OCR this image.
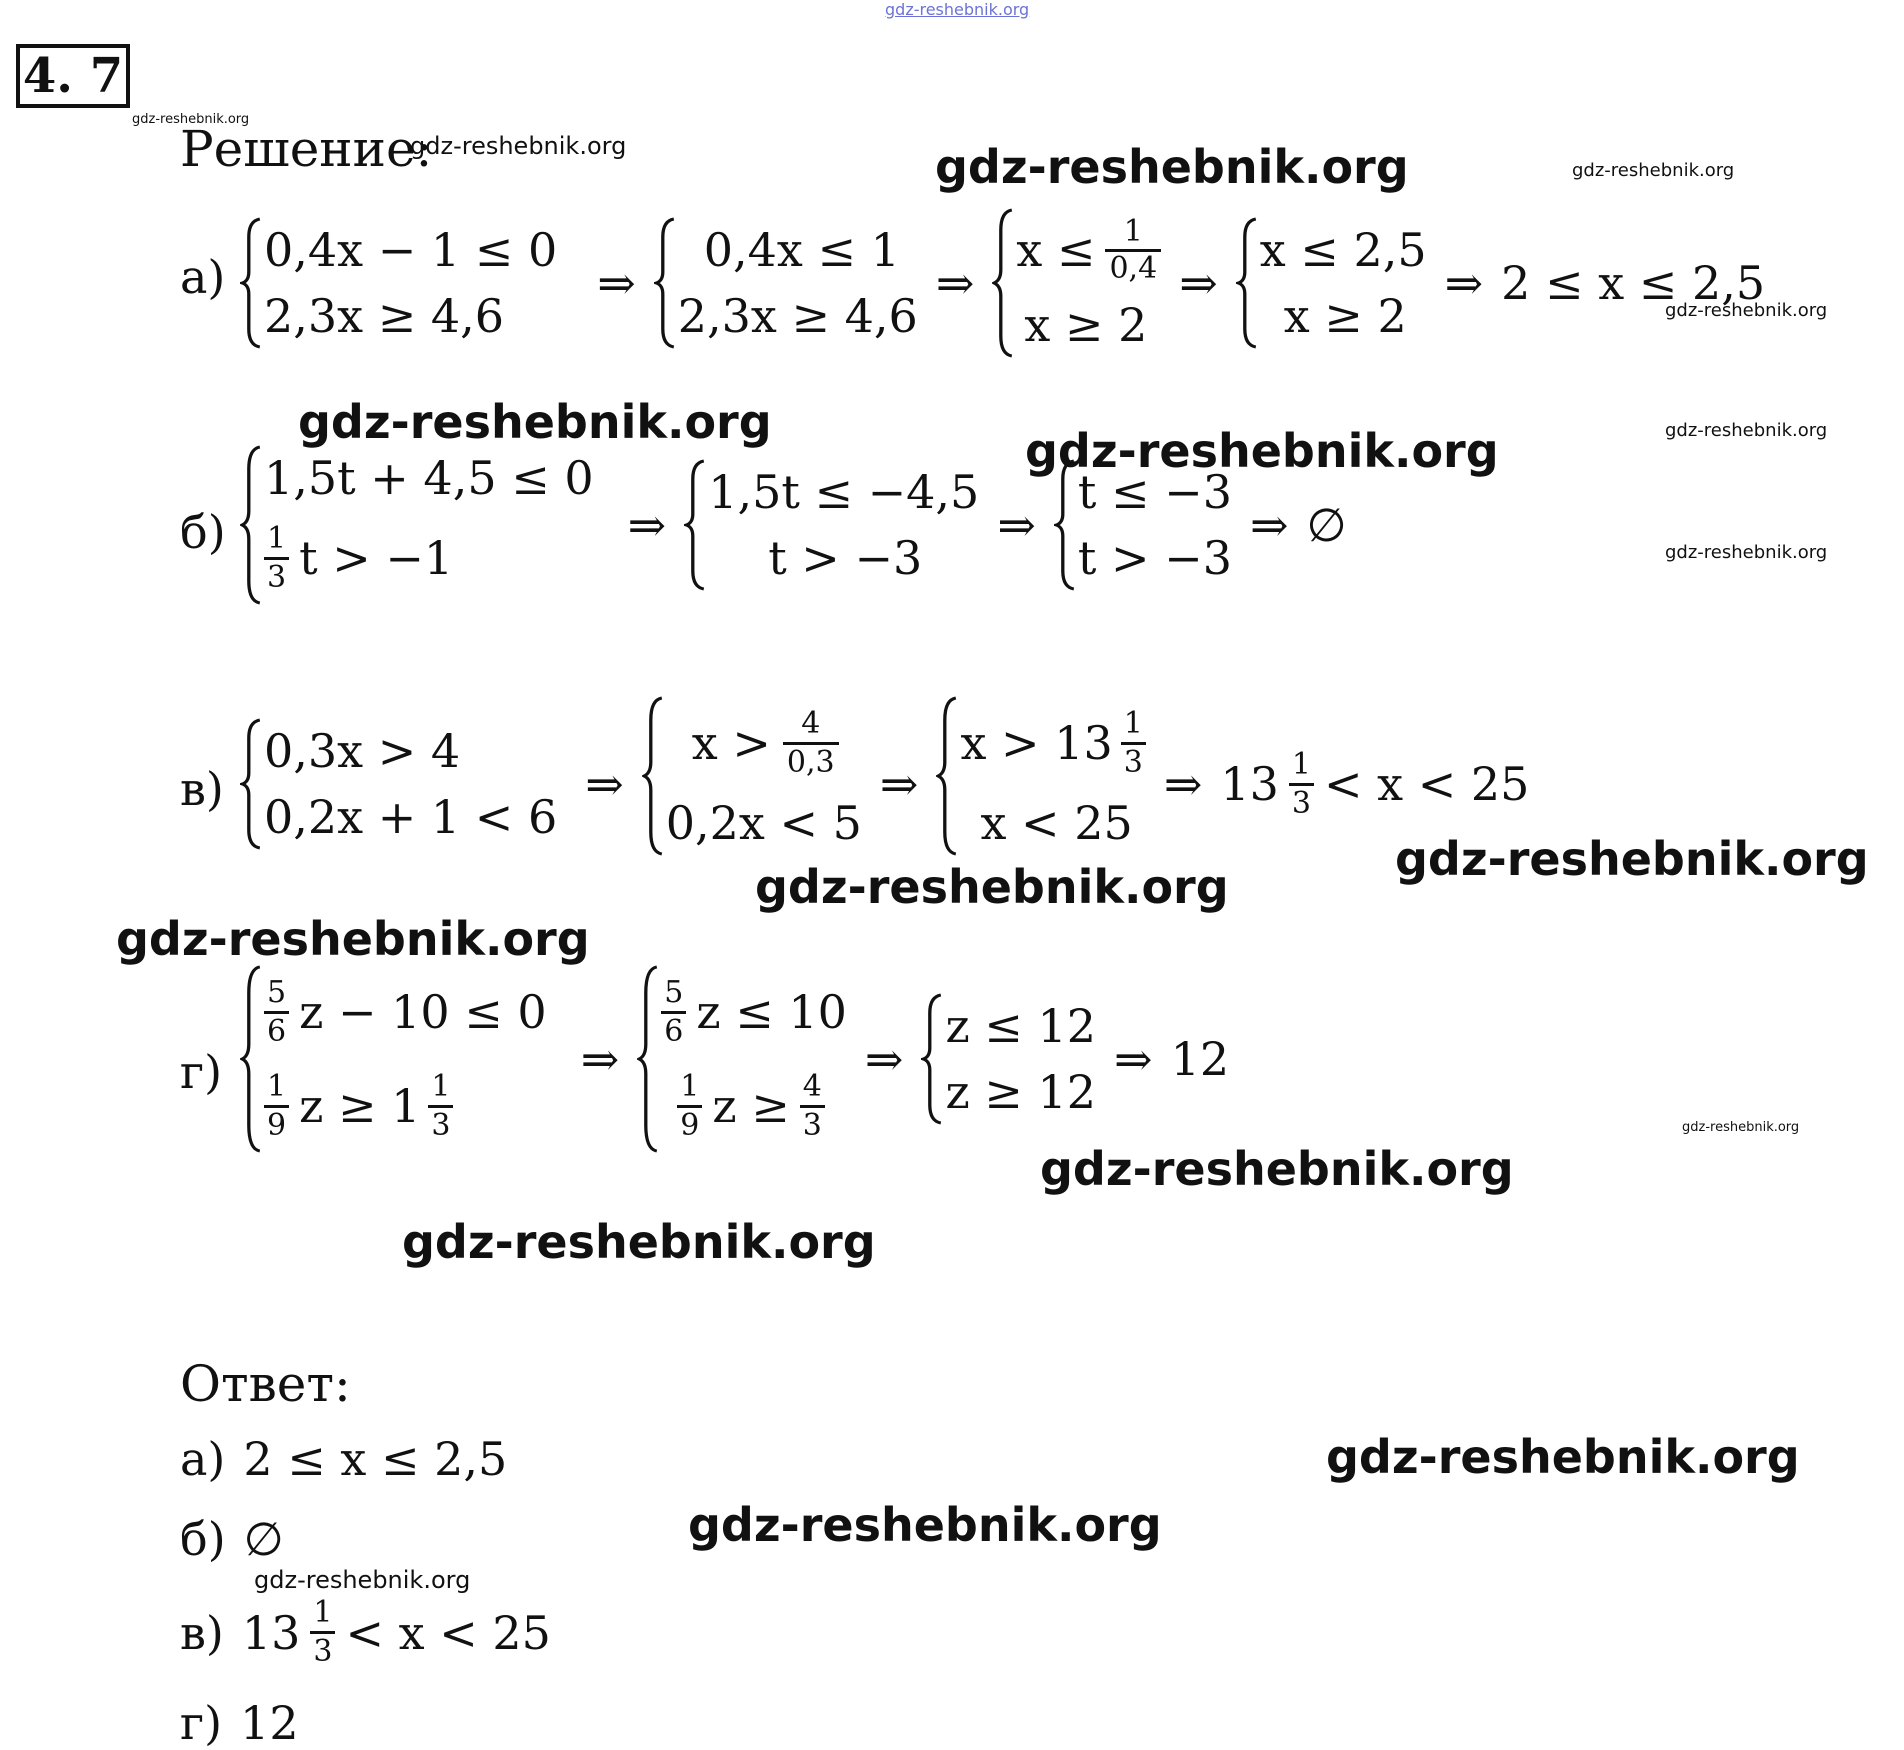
gdz-reshebnik.org
4. 7
gdz-reshebnik.org
Решение:
gdz-reshebnik.org	gdz-reshebnik.org	gdz-reshebnik.org
а) 0,4x − 1 ≤ 0
2,3x ≥ 4,6
⇒
0,4x ≤ 1
2,3x ≥ 4,6
⇒
$x \le \frac{1}{0,4}$
x ≥ 2
⇒
x ≤ 2,5
x ≥ 2
⇒ 2 ≤ x ≤ 2,5
gdz-reshebnik.org
gdz-reshebnik.org
gdz-reshebnik.org	gdz-reshebnik.org
gdz-reshebnik.org
б)
1,5t + 4,5 ≤ 0
$\frac{1}{3}$ t > −1
⇒
1,5t ≤ −4,5
t > −3
⇒
t ≤ −3
t > −3
⇒ ∅
в)
0,3x > 4
0,2x + 1 < 6
⇒
$x > \frac{4}{0,3}$
0,2x < 5
⇒
$x > 13 \frac{1}{3}$
x < 25
⇒ $13 \frac{1}{3} < x < 25$
gdz-reshebnik.org
gdz-reshebnik.org
gdz-reshebnik.org
г)
$\frac{5}{6}$ z − 10 ≤ 0
$\frac{1}{9}$ $z \ge 1 \frac{1}{3}$
⇒
$\frac{5}{6}$ z ≤ 10
$\frac{1}{9}$ $z \ge \frac{4}{3}$
⇒
z ≤ 12
z ≥ 12
⇒ 12
gdz-reshebnik.org
gdz-reshebnik.org
gdz-reshebnik.org
Ответ:
а) 2 ≤ x ≤ 2,5	gdz-reshebnik.org
б) ∅	gdz-reshebnik.org
gdz-reshebnik.org
в) $13 \frac{1}{3} < x < 25$
г) 12
